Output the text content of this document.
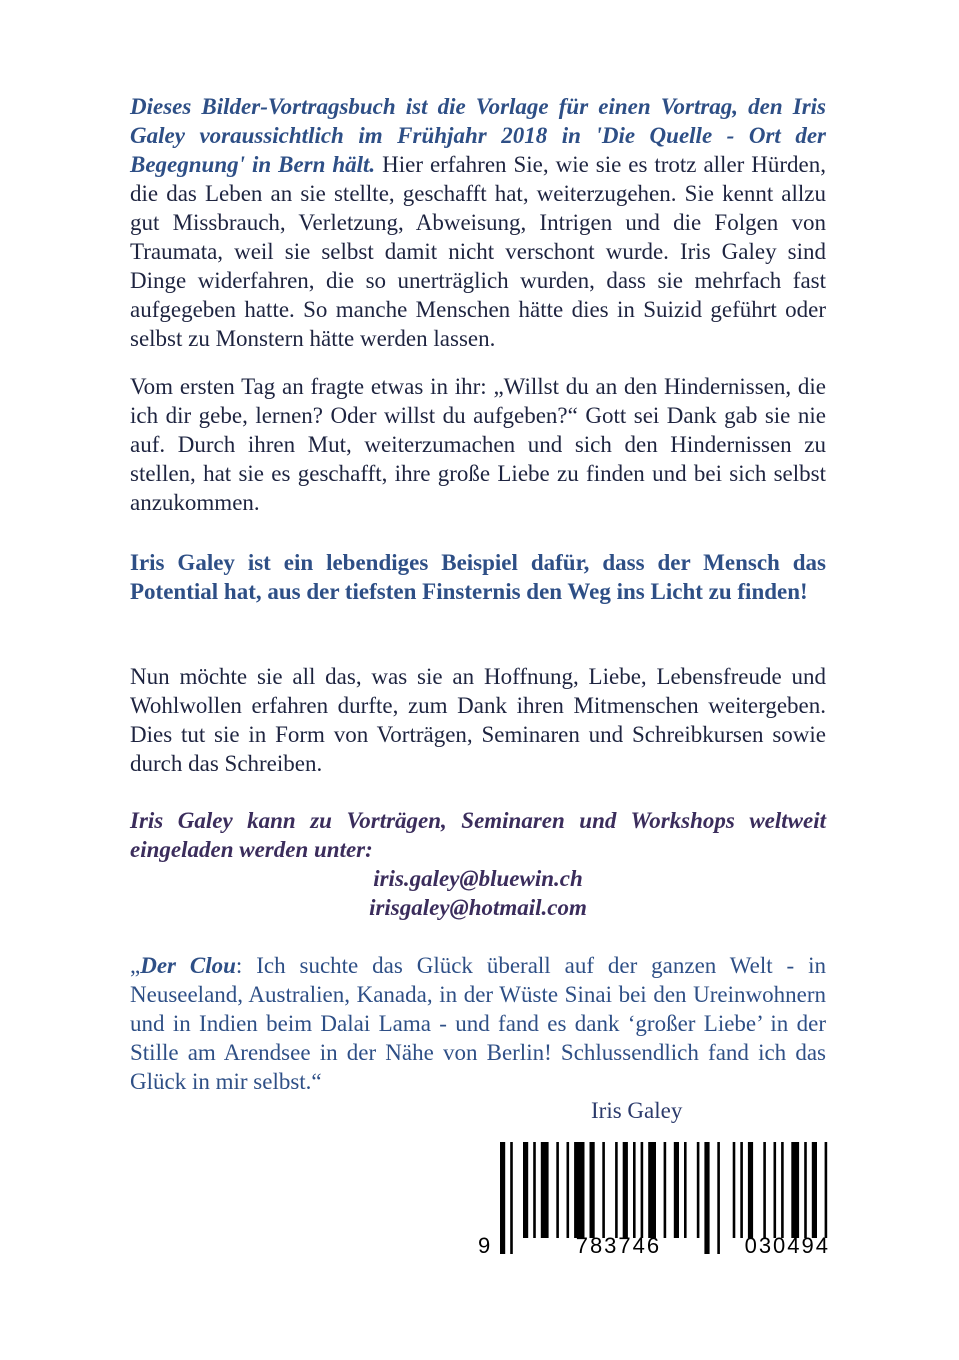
Dieses Bilder-Vortragsbuch ist die Vorlage für einen Vortrag, den Iris Galey voraussichtlich im Frühjahr 2018 in 'Die Quelle - Ort der Begegnung' in Bern hält. Hier erfahren Sie, wie sie es trotz aller Hürden, die das Leben an sie stellte, geschafft hat, weiterzugehen. Sie kennt allzu gut Missbrauch, Verletzung, Abweisung, Intrigen und die Folgen von Traumata, weil sie selbst damit nicht verschont wurde. Iris Galey sind Dinge widerfahren, die so unerträglich wurden, dass sie mehrfach fast aufgegeben hatte. So manche Menschen hätte dies in Suizid geführt oder selbst zu Monstern hätte werden lassen.

Vom ersten Tag an fragte etwas in ihr: „Willst du an den Hindernissen, die ich dir gebe, lernen? Oder willst du aufgeben?“ Gott sei Dank gab sie nie auf. Durch ihren Mut, weiterzumachen und sich den Hindernissen zu stellen, hat sie es geschafft, ihre große Liebe zu finden und bei sich selbst anzukommen.

Iris Galey ist ein lebendiges Beispiel dafür, dass der Mensch das Potential hat, aus der tiefsten Finsternis den Weg ins Licht zu finden!

Nun möchte sie all das, was sie an Hoffnung, Liebe, Lebensfreude und Wohlwollen erfahren durfte, zum Dank ihren Mitmenschen weitergeben. Dies tut sie in Form von Vorträgen, Seminaren und Schreibkursen sowie durch das Schreiben.

Iris Galey kann zu Vorträgen, Seminaren und Workshops weltweit eingeladen werden unter:

iris.galey@bluewin.ch
irisgaley@hotmail.com

„Der Clou: Ich suchte das Glück überall auf der ganzen Welt - in Neuseeland, Australien, Kanada, in der Wüste Sinai bei den Ureinwohnern und in Indien beim Dalai Lama - und fand es dank ‘großer Liebe’ in der Stille am Arendsee in der Nähe von Berlin! Schlussendlich fand ich das Glück in mir selbst.“

Iris Galey
9	783746	030494
